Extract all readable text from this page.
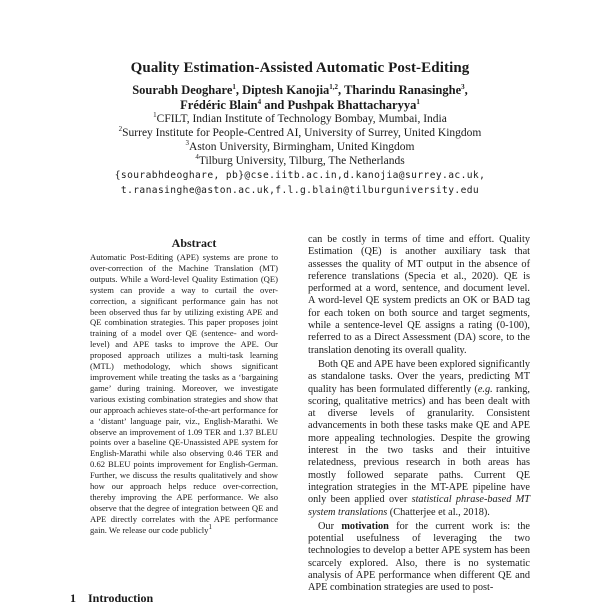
Quality Estimation-Assisted Automatic Post-Editing
Sourabh Deoghare$^1$, Diptesh Kanojia$^{1,2}$, Tharindu Ranasinghe$^3$,
Frédéric Blain$^4$ and Pushpak Bhattacharyya$^1$
$^1$CFILT, Indian Institute of Technology Bombay, Mumbai, India
$^2$Surrey Institute for People-Centred AI, University of Surrey, United Kingdom
$^3$Aston University, Birmingham, United Kingdom
$^4$Tilburg University, Tilburg, The Netherlands
{sourabhdeoghare, pb}@cse.iitb.ac.in,d.kanojia@surrey.ac.uk,
t.ranasinghe@aston.ac.uk,f.l.g.blain@tilburguniversity.edu
Abstract
Automatic Post-Editing (APE) systems are prone to over-correction of the Machine Translation (MT) outputs. While a Word-level Quality Estimation (QE) system can provide a way to curtail the over-correction, a significant performance gain has not been observed thus far by utilizing existing APE and QE combination strategies. This paper proposes joint training of a model over QE (sentence- and word-level) and APE tasks to improve the APE. Our proposed approach utilizes a multi-task learning (MTL) methodology, which shows significant improvement while treating the tasks as a ‘bargaining game’ during training. Moreover, we investigate various existing combination strategies and show that our approach achieves state-of-the-art performance for a ‘distant’ language pair, viz., English-Marathi. We observe an improvement of 1.09 TER and 1.37 BLEU points over a baseline QE-Unassisted APE system for English-Marathi while also observing 0.46 TER and 0.62 BLEU points improvement for English-German. Further, we discuss the results qualitatively and show how our approach helps reduce over-correction, thereby improving the APE performance. We also observe that the degree of integration between QE and APE directly correlates with the APE performance gain. We release our code publicly$^1$
1 Introduction

can be costly in terms of time and effort. Quality Estimation (QE) is another auxiliary task that assesses the quality of MT output in the absence of reference translations (Specia et al., 2020). QE is performed at a word, sentence, and document level. A word-level QE system predicts an OK or BAD tag for each token on both source and target segments, while a sentence-level QE assigns a rating (0-100), referred to as a Direct Assessment (DA) score, to the translation denoting its overall quality.

Both QE and APE have been explored significantly as standalone tasks. Over the years, predicting MT quality has been formulated differently (e.g. ranking, scoring, qualitative metrics) and has been dealt with at diverse levels of granularity. Consistent advancements in both these tasks make QE and APE more appealing technologies. Despite the growing interest in the two tasks and their intuitive relatedness, previous research in both areas has mostly followed separate paths. Current QE integration strategies in the MT-APE pipeline have only been applied over statistical phrase-based MT system translations (Chatterjee et al., 2018).

Our motivation for the current work is: the potential usefulness of leveraging the two technologies to develop a better APE system has been scarcely explored. Also, there is no systematic analysis of APE performance when different QE and APE combination strategies are used to post-
